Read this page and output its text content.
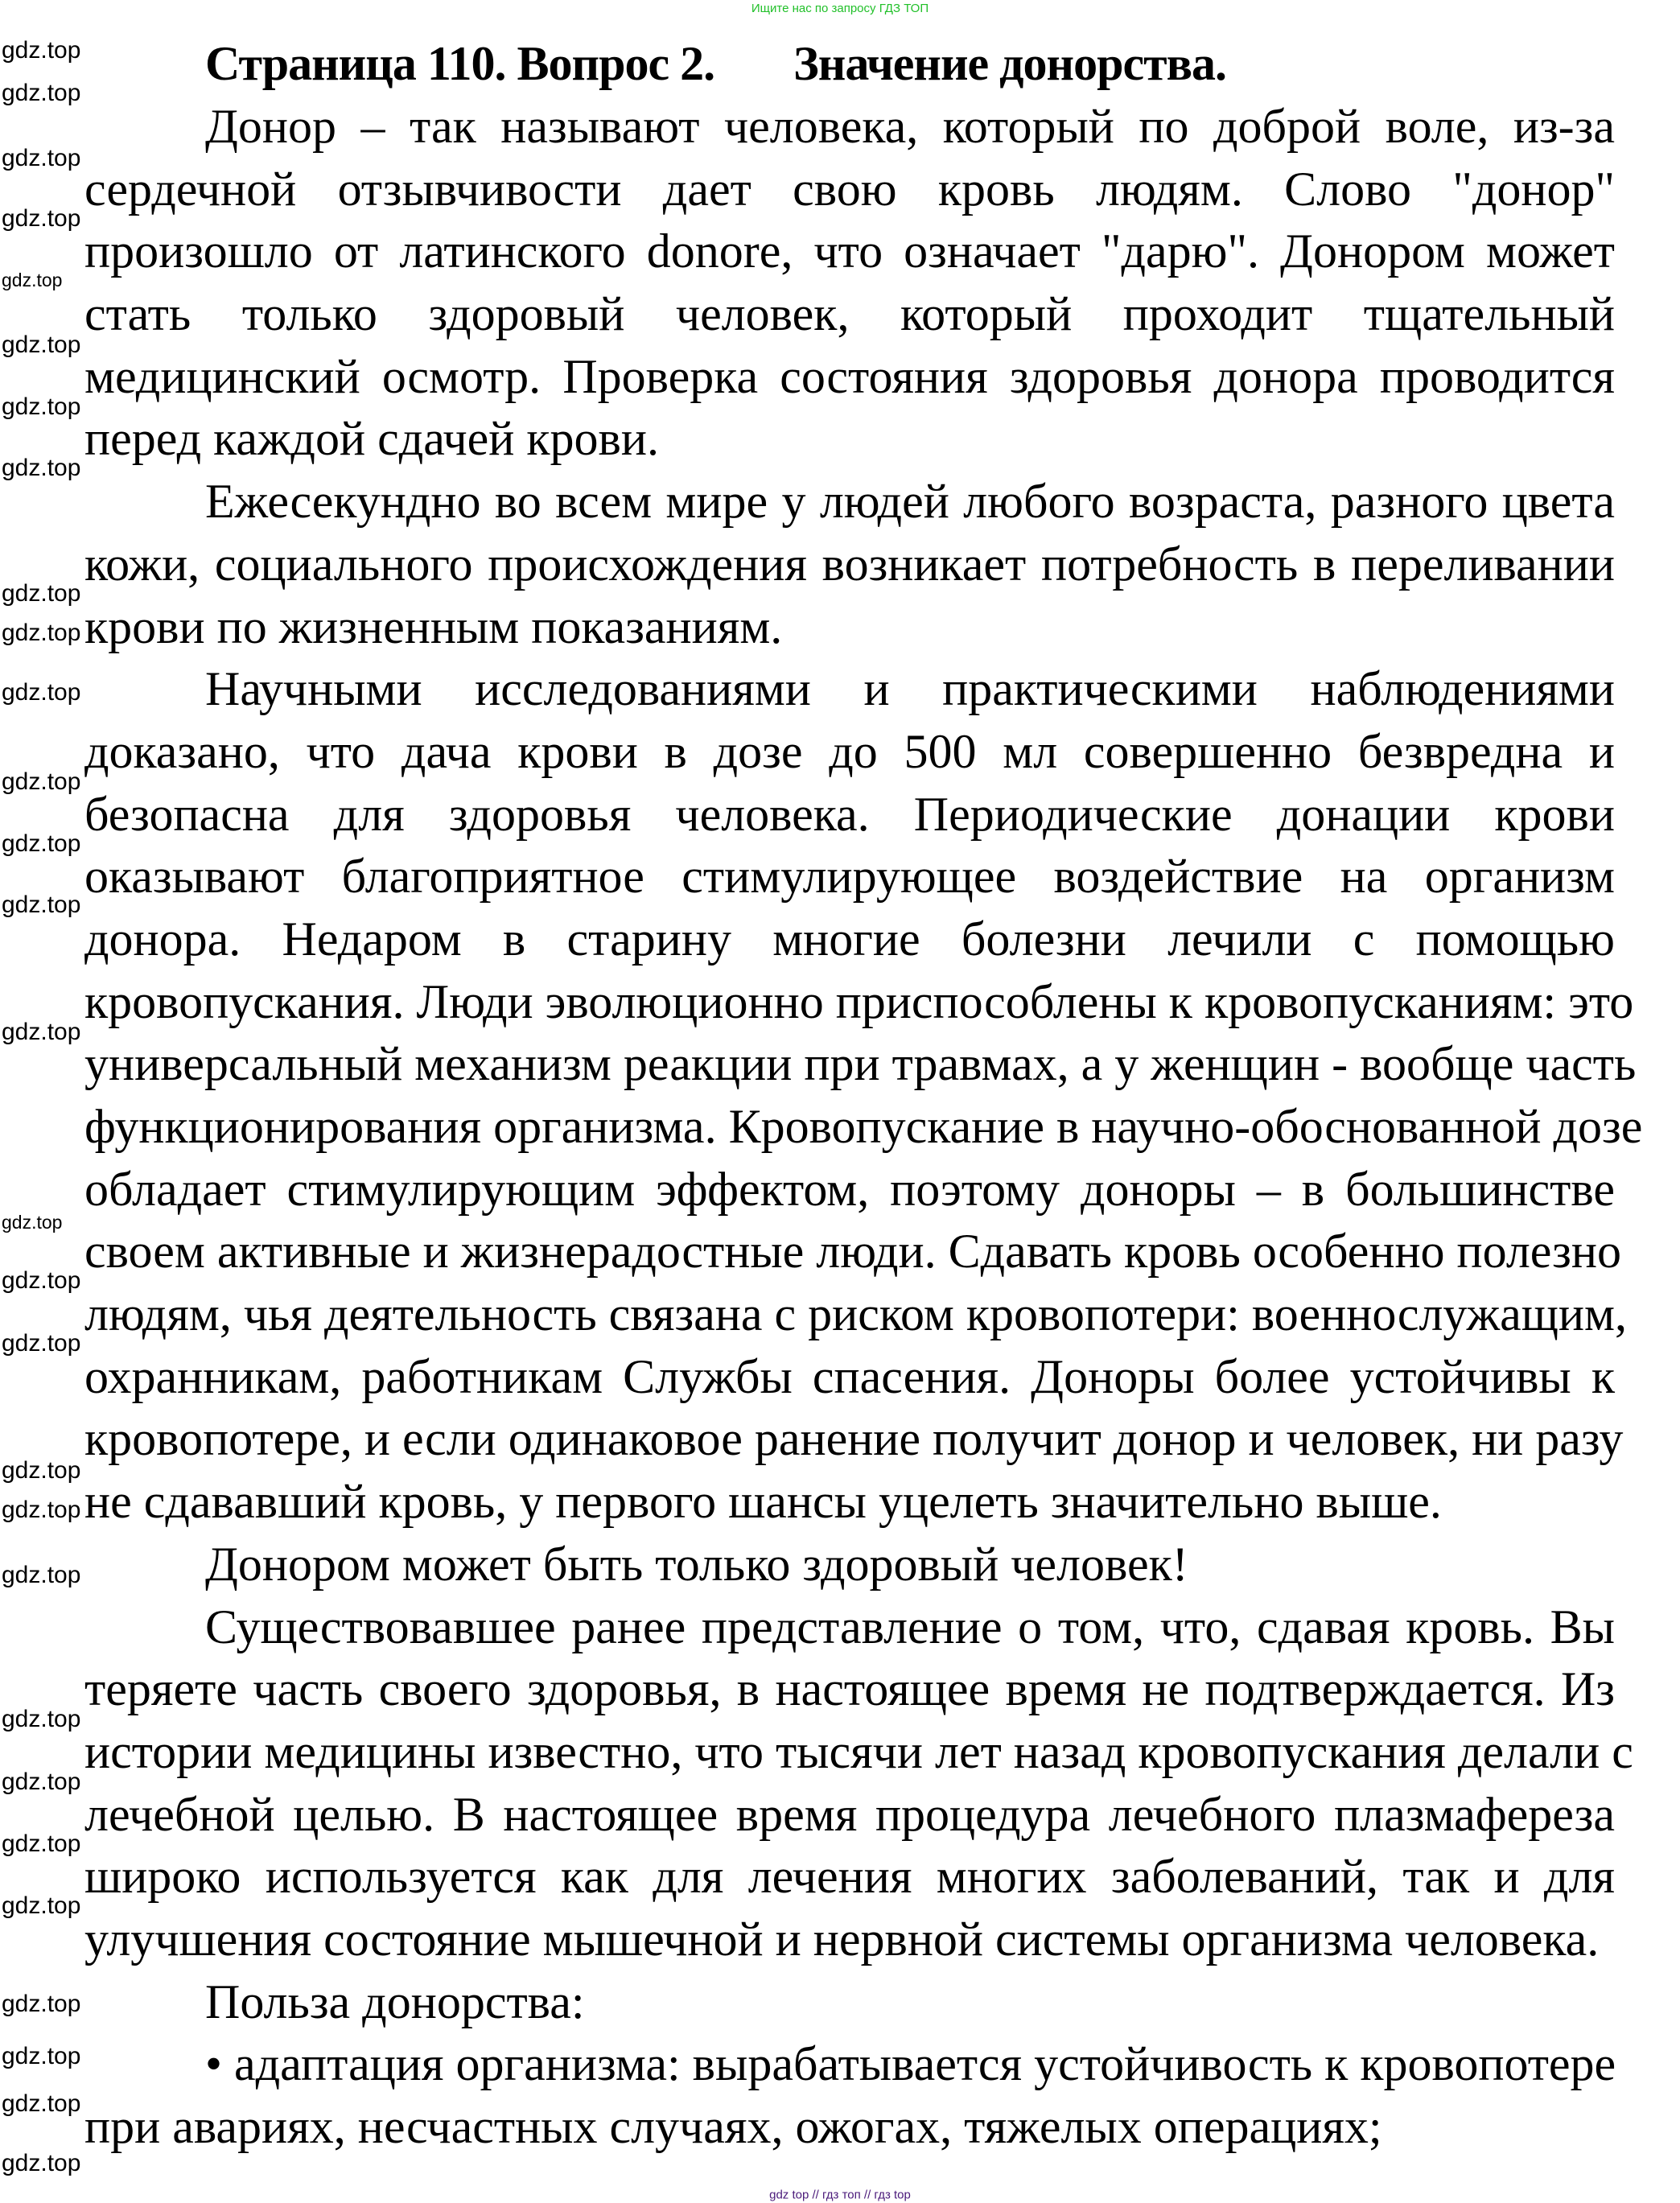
Ищите нас по запросу ГДЗ ТОП
Страница 110. Вопрос 2.       Значение донорства.
Донор – так называют человека, который по доброй воле, из-за
сердечной отзывчивости дает свою кровь людям. Слово "донор"
произошло от латинского donore, что означает "дарю". Донором может
стать только здоровый человек, который проходит тщательный
медицинский осмотр. Проверка состояния здоровья донора проводится
перед каждой сдачей крови.
Ежесекундно во всем мире у людей любого возраста, разного цвета
кожи, социального происхождения возникает потребность в переливании
крови по жизненным показаниям.
Научными исследованиями и практическими наблюдениями
доказано, что дача крови в дозе до 500 мл совершенно безвредна и
безопасна для здоровья человека. Периодические донации крови
оказывают благоприятное стимулирующее воздействие на организм
донора. Недаром в старину многие болезни лечили с помощью
кровопускания. Люди эволюционно приспособлены к кровопусканиям: это
универсальный механизм реакции при травмах, а у женщин - вообще часть
функционирования организма. Кровопускание в научно-обоснованной дозе
обладает стимулирующим эффектом, поэтому доноры – в большинстве
своем активные и жизнерадостные люди. Сдавать кровь особенно полезно
людям, чья деятельность связана с риском кровопотери: военнослужащим,
охранникам, работникам Службы спасения. Доноры более устойчивы к
кровопотере, и если одинаковое ранение получит донор и человек, ни разу
не сдававший кровь, у первого шансы уцелеть значительно выше.
Донором может быть только здоровый человек!
Существовавшее ранее представление о том, что, сдавая кровь. Вы
теряете часть своего здоровья, в настоящее время не подтверждается. Из
истории медицины известно, что тысячи лет назад кровопускания делали с
лечебной целью. В настоящее время процедура лечебного плазмафереза
широко используется как для лечения многих заболеваний, так и для
улучшения состояние мышечной и нервной системы организма человека.
Польза донорства:
• адаптация организма: вырабатывается устойчивость к кровопотере
при авариях, несчастных случаях, ожогах, тяжелых операциях;
gdz.top
gdz.top
gdz.top
gdz.top
gdz.top
gdz.top
gdz.top
gdz.top
gdz.top
gdz.top
gdz.top
gdz.top
gdz.top
gdz.top
gdz.top
gdz.top
gdz.top
gdz.top
gdz.top
gdz.top
gdz.top
gdz.top
gdz.top
gdz.top
gdz.top
gdz.top
gdz.top
gdz.top
gdz.top
gdz top // гдз топ // гдз top
